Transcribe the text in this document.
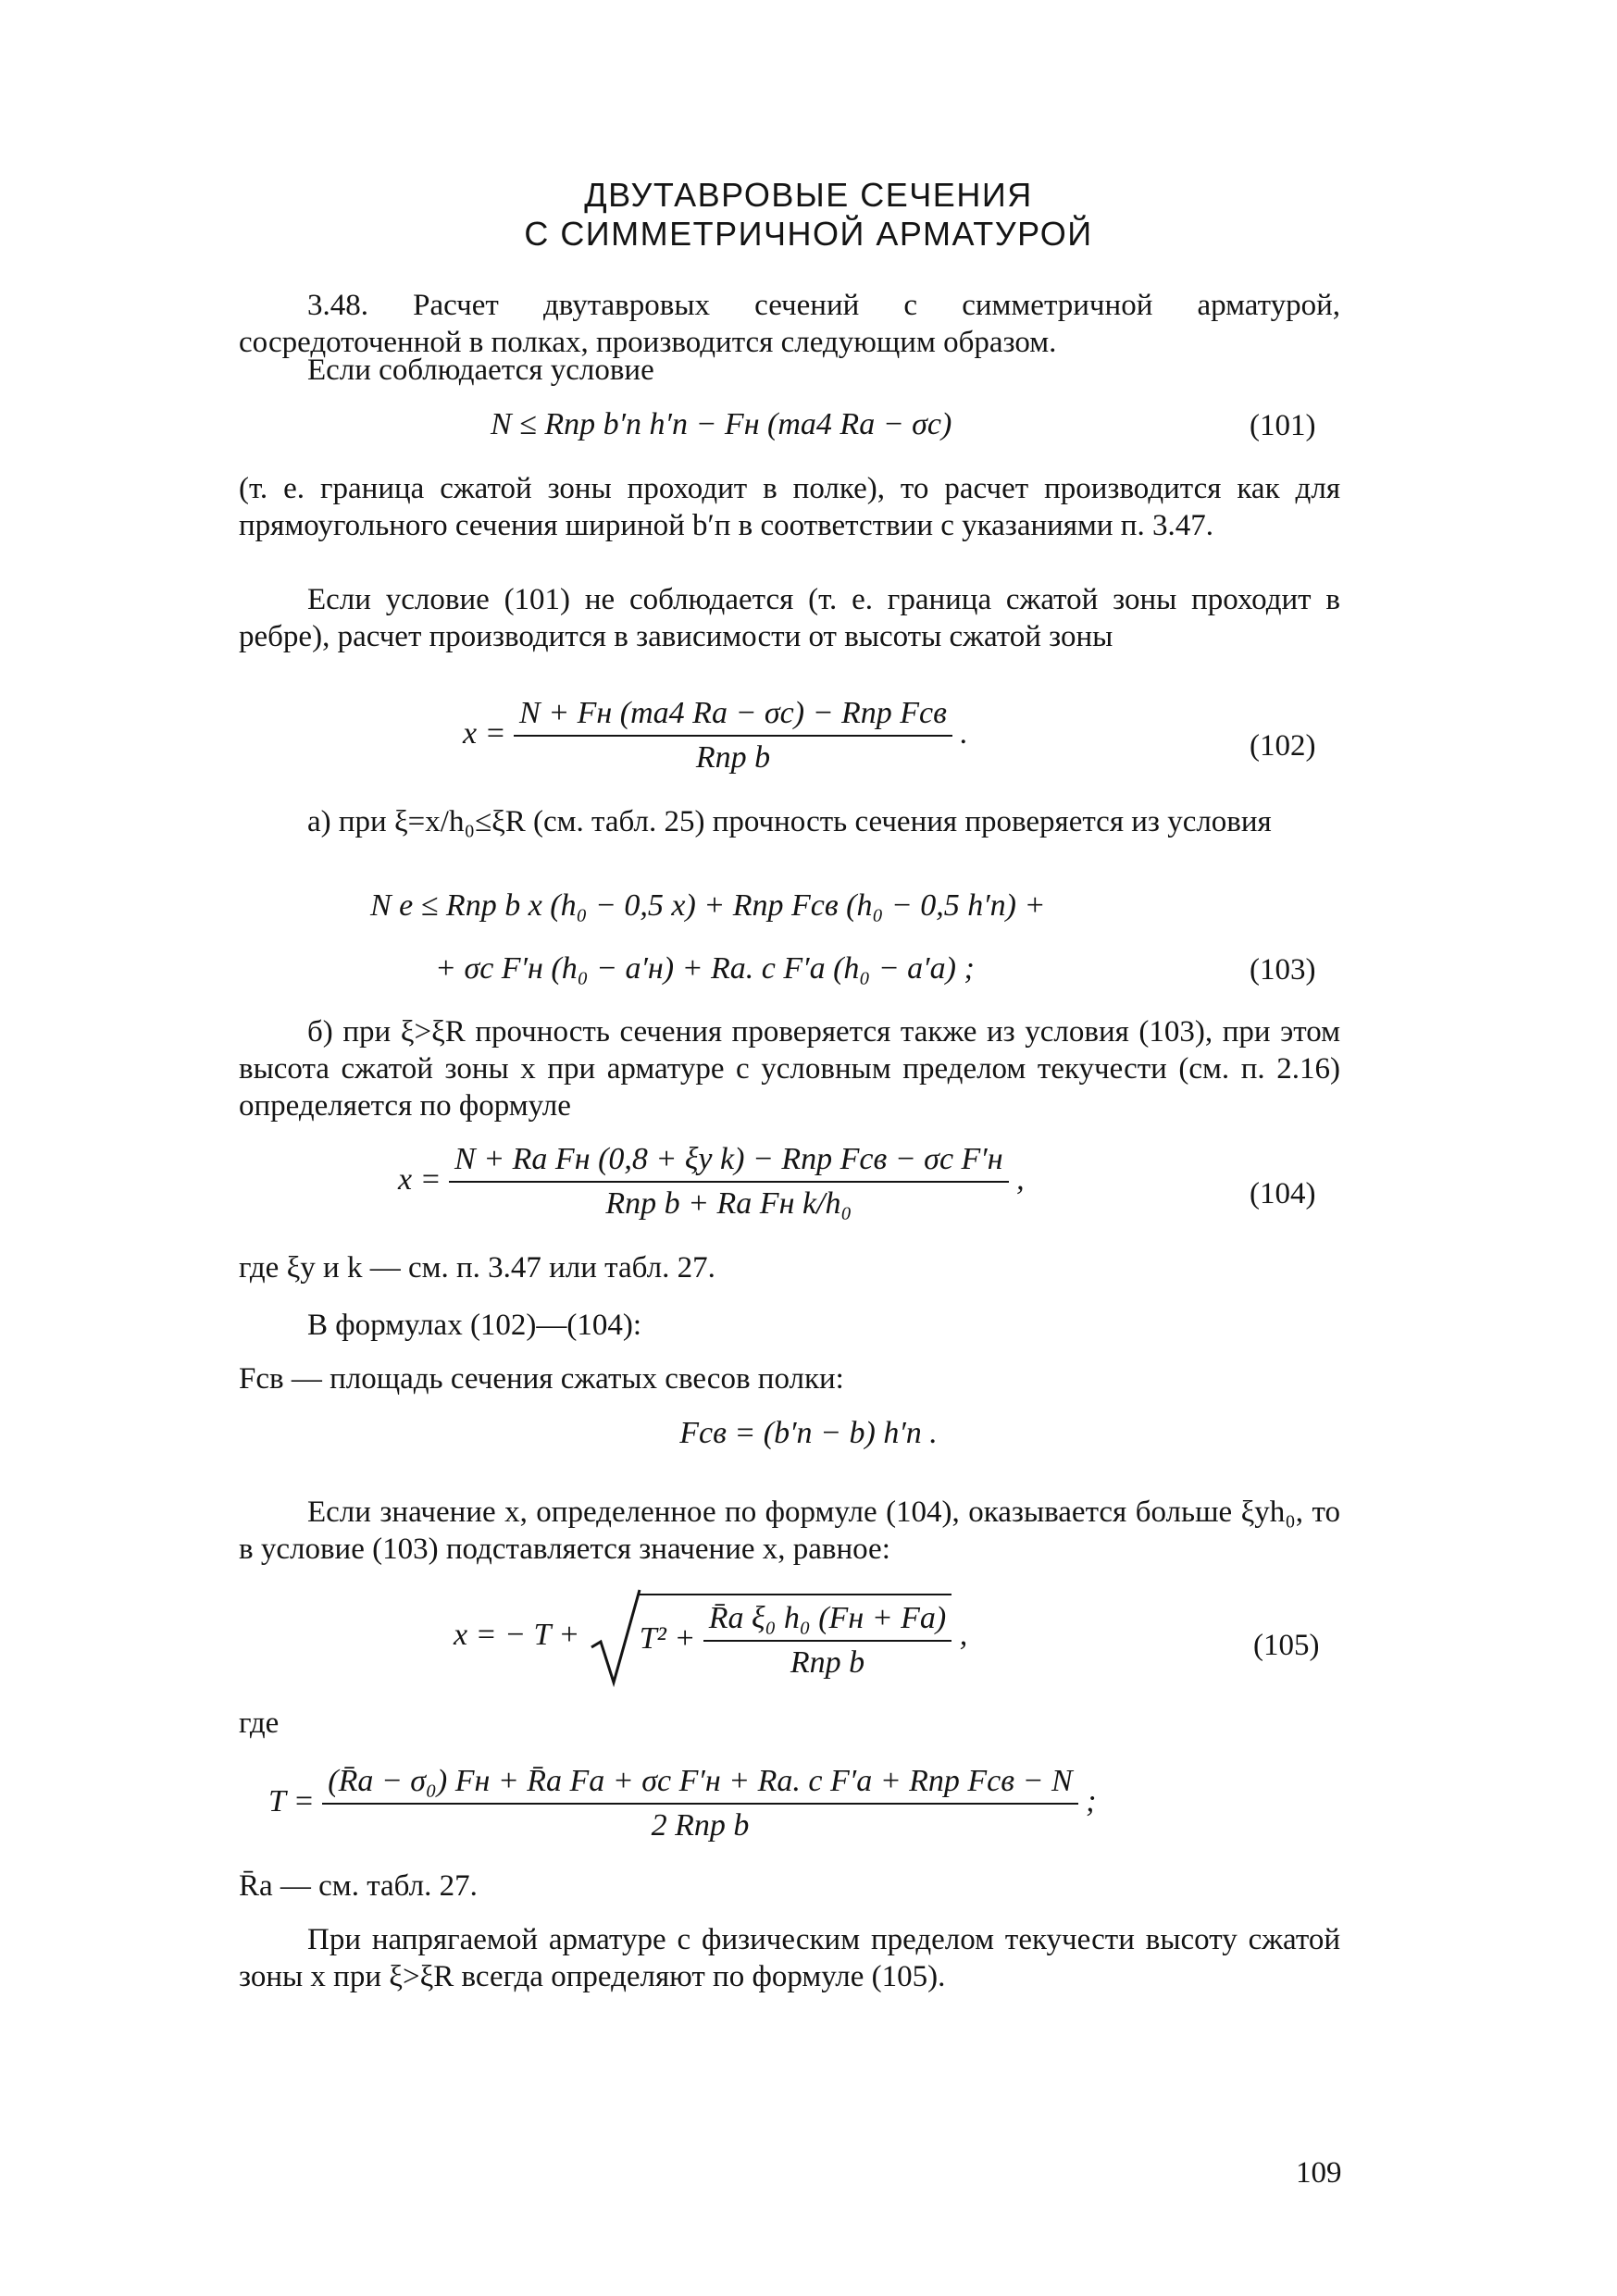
ДВУТАВРОВЫЕ СЕЧЕНИЯ
С СИММЕТРИЧНОЙ АРМАТУРОЙ
3.48. Расчет двутавровых сечений с симметричной арматурой, сосредоточенной в полках, производится следующим образом.
Если соблюдается условие
N ≤ Rпр b′п h′п − Fн (mа4 Rа − σс)	(101)
(т. е. граница сжатой зоны проходит в полке), то расчет производится как для прямоугольного сечения шириной b′п в соответствии с указаниями п. 3.47.
Если условие (101) не соблюдается (т. е. граница сжатой зоны проходит в ребре), расчет производится в зависимости от высоты сжатой зоны
$x = \frac{\text{N + Fн (mа4 Rа − σс) − Rпр Fсв}}{\text{Rпр b}}$ .	(102)
а) при ξ=x/h₀≤ξR (см. табл. 25) прочность сечения проверяется из условия
N e ≤ Rпр b x (h₀ − 0,5 x) + Rпр Fсв (h₀ − 0,5 h′п) +
+ σс F′н (h₀ − a′н) + Rа. с F′а (h₀ − a′а) ;	(103)
б) при ξ>ξR прочность сечения проверяется также из условия (103), при этом высота сжатой зоны x при арматуре с условным пределом текучести (см. п. 2.16) определяется по формуле
$x = \frac{\text{N + Rа Fн (0,8 + ξу k) − Rпр Fсв − σс F′н}}{\text{Rпр b + Rа Fн k/h₀}}$ ,	(104)
где ξу и k — см. п. 3.47 или табл. 27.
В формулах (102)—(104):
Fсв — площадь сечения сжатых свесов полки:
Fсв = (b′п − b) h′п .
Если значение x, определенное по формуле (104), оказывается больше ξуh₀, то в условие (103) подставляется значение x, равное:
x = − $T + T^2 + \frac{\text{R̄а ξ₀ h₀ (Fн + Fа)}}{\text{Rпр b}}$ ,	(105)
где
$T = \frac{\text{(R̄а − σ₀) Fн + R̄а Fа + σс F′н + Rа. с F′а + Rпр Fсв − N}}{\text{2 Rпр b}}$ ;
R̄а — см. табл. 27.
При напрягаемой арматуре с физическим пределом текучести высоту сжатой зоны x при ξ>ξR всегда определяют по формуле (105).
109
